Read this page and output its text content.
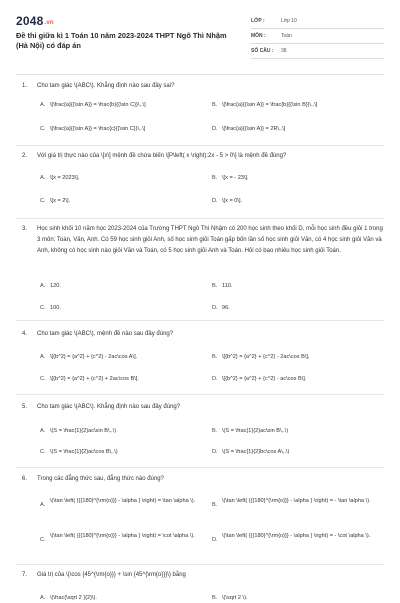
2048.vn
Đề thi giữa kì 1 Toán 10 năm 2023-2024 THPT Ngô Thì Nhậm (Hà Nội) có đáp án
LỚP :	Lớp 10
MÔN :	Toán
SỐ CÂU :	38
1. Cho tam giác \(ABC\). Khẳng định nào sau đây sai?
A. \[\frac{a}{{\sin A}} = \frac{b}{{\sin C}}\,.\]	B. \[\frac{a}{{\sin A}} = \frac{b}{{\sin B}}\,.\]
C. \[\frac{a}{{\sin A}} = \frac{c}{{\sin C}}\,.\]	D. \[\frac{a}{{\sin A}} = 2R\,.\]
2. Với giá trị thực nào của \[x\] mệnh đề chứa biến \[P\left( x \right):2x - 5 > 0\] là mệnh đề đúng?
A. \[x = 2023\].	B. \[x = - 23\].
C. \[x = 2\].	D. \[x = 0\].
3. Học sinh khối 10 năm học 2023-2024 của Trường THPT Ngô Thì Nhậm có 200 học sinh theo khối D, mỗi học sinh đều giỏi 1 trong 3 môn: Toán, Văn, Anh. Có 59 học sinh giỏi Anh, số học sinh giỏi Toán gấp bốn lần số học sinh giỏi Văn, có 4 học sinh giỏi Văn và Anh, không có học sinh nào giỏi Văn và Toán, có 5 học sinh giỏi Anh và Toán. Hỏi có bao nhiêu học sinh giỏi Toán.
A. 120.	B. 110.
C. 100.	D. 96.
4. Cho tam giác \(ABC\), mệnh đề nào sau đây đúng?
A. \[{b^2} = {a^2} + {c^2} - 2ac\cos A\].	B. \[{b^2} = {a^2} + {c^2} - 2ac\cos B\].
C. \[{b^2} = {a^2} + {c^2} + 2ac\cos B\].	D. \[{b^2} = {a^2} + {c^2} - ac\cos B\].
5. Cho tam giác \(ABC\). Khẳng định nào sau đây đúng?
A. \(S = \frac{1}{2}ac\sin B\,.\)	B. \(S = \frac{1}{2}ac\sin B\,.\)
C. \(S = \frac{1}{2}ac\cos B\,.\)	D. \(S = \frac{1}{2}bc\cos A\,.\)
6. Trong các đẳng thức sau, đẳng thức nào đúng?
A.
\(\tan \left( {{{180}^{\rm{o}}} - \alpha } \right) = \tan \alpha \).
B.
\(\tan \left( {{{180}^{\rm{o}}} - \alpha } \right) = - \tan \alpha \).
C.
\(\tan \left( {{{180}^{\rm{o}}} - \alpha } \right) = \cot \alpha \).
D.
\(\tan \left( {{{180}^{\rm{o}}} - \alpha } \right) = - \cot \alpha \).
7. Giá trị của \(\cos {45^{\rm{o}}} + \sin {45^{\rm{o}}}\) bằng
A. \(\frac{\sqrt 2 }{2}\).	B. \(\sqrt 2 \).
